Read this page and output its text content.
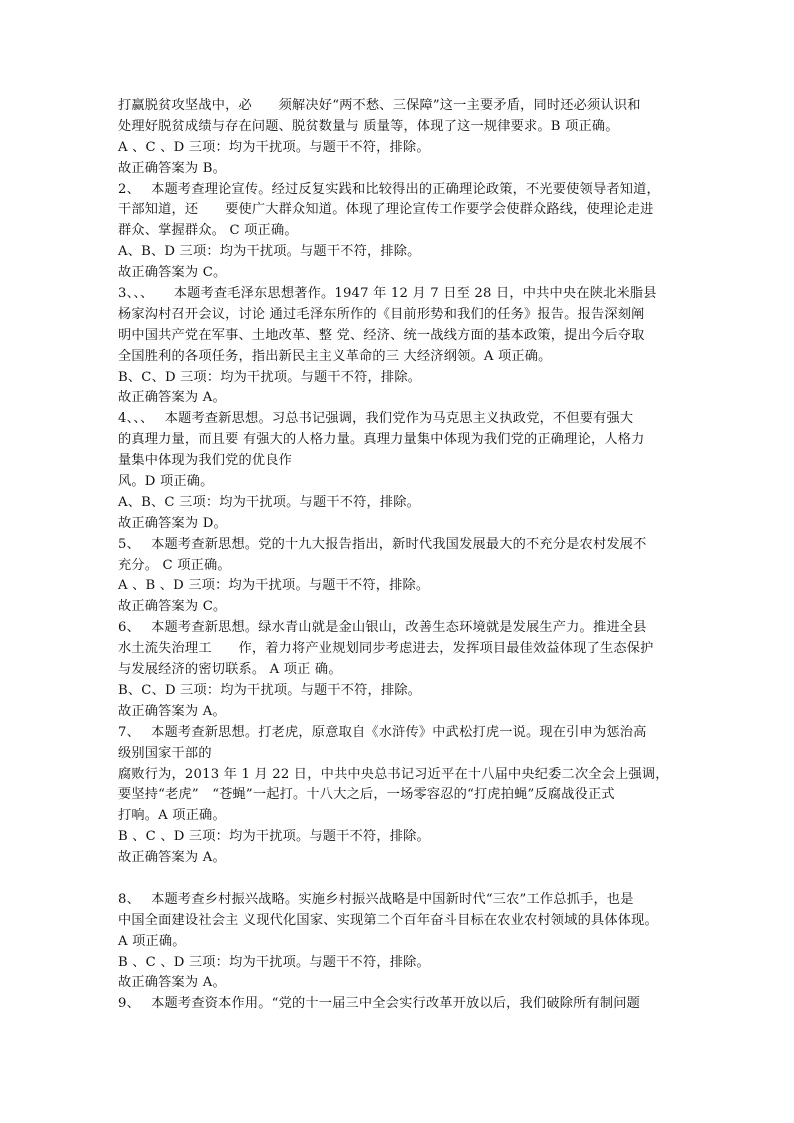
打赢脱贫攻坚战中，必　　须解决好“两不愁、三保障”这一主要矛盾，同时还必须认识和
处理好脱贫成绩与存在问题、脱贫数量与 质量等，体现了这一规律要求。B 项正确。
A 、C 、D 三项：均为干扰项。与题干不符，排除。
故正确答案为 B。
2、　 本题考查理论宣传。经过反复实践和比较得出的正确理论政策，不光要使领导者知道，
干部知道，还　　要使广大群众知道。体现了理论宣传工作要学会使群众路线，使理论走进
群众、掌握群众。 C 项正确。
A、B、D 三项：均为干扰项。与题干不符，排除。
故正确答案为 C。
3、、、　　本题考查毛泽东思想著作。1947 年 12 月 7 日至 28 日，中共中央在陕北米脂县
杨家沟村召开会议，讨论 通过毛泽东所作的《目前形势和我们的任务》报告。报告深刻阐
明中国共产党在军事、土地改革、整 党、经济、统一战线方面的基本政策，提出今后夺取
全国胜利的各项任务，指出新民主主义革命的三 大经济纲领。A 项正确。
B、C、D 三项：均为干扰项。与题干不符，排除。
故正确答案为 A。
4、、、　 本题考查新思想。习总书记强调，我们党作为马克思主义执政党，不但要有强大
的真理力量，而且要 有强大的人格力量。真理力量集中体现为我们党的正确理论，人格力
量集中体现为我们党的优良作
风。D 项正确。
A、B、C 三项：均为干扰项。与题干不符，排除。
故正确答案为 D。
5、　 本题考查新思想。党的十九大报告指出，新时代我国发展最大的不充分是农村发展不
充分。 C 项正确。
A 、B 、D 三项：均为干扰项。与题干不符，排除。
故正确答案为 C。
6、　 本题考查新思想。绿水青山就是金山银山，改善生态环境就是发展生产力。推进全县
水土流失治理工　　作，着力将产业规划同步考虑进去，发挥项目最佳效益体现了生态保护
与发展经济的密切联系。 A 项正 确。
B、C、D 三项：均为干扰项。与题干不符，排除。
故正确答案为 A。
7、　 本题考查新思想。打老虎，原意取自《水浒传》中武松打虎一说。现在引申为惩治高
级别国家干部的
腐败行为，2013 年 1 月 22 日，中共中央总书记习近平在十八届中央纪委二次全会上强调，
要坚持“老虎”　“苍蝇”一起打。十八大之后，一场零容忍的“打虎拍蝇”反腐战役正式
打响。A 项正确。
B 、C 、D 三项：均为干扰项。与题干不符，排除。
故正确答案为 A。
8、　 本题考查乡村振兴战略。实施乡村振兴战略是中国新时代“三农”工作总抓手，也是
中国全面建设社会主 义现代化国家、实现第二个百年奋斗目标在农业农村领域的具体体现。
A 项正确。
B 、C 、D 三项：均为干扰项。与题干不符，排除。
故正确答案为 A。
9、　 本题考查资本作用。“党的十一届三中全会实行改革开放以后，我们破除所有制问题
